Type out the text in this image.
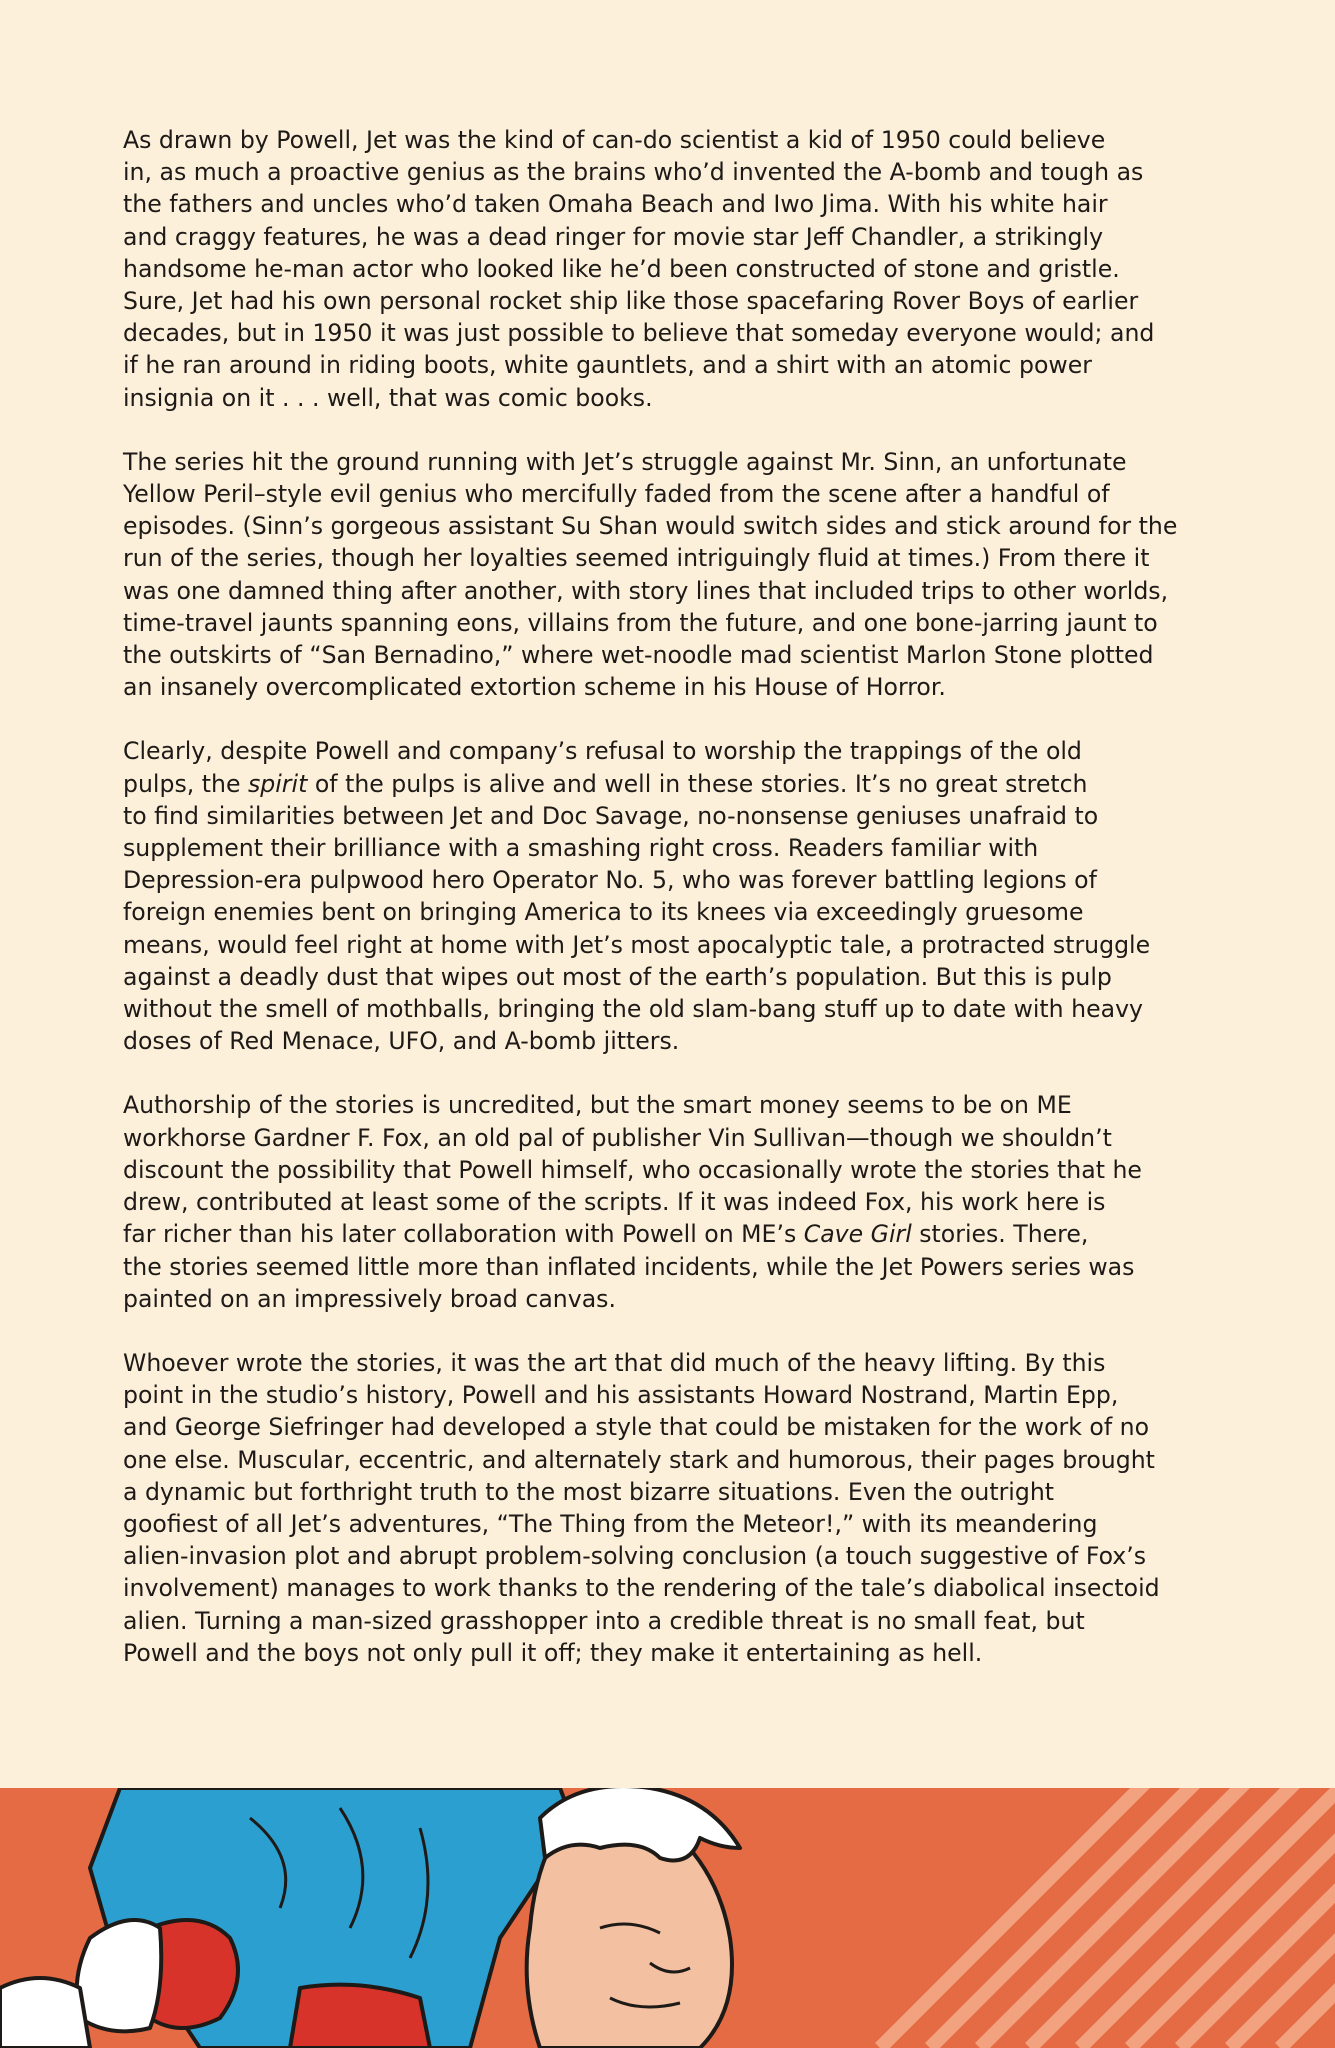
As drawn by Powell, Jet was the kind of can-do scientist a kid of 1950 could believe
in, as much a proactive genius as the brains who’d invented the A-bomb and tough as
the fathers and uncles who’d taken Omaha Beach and Iwo Jima. With his white hair
and craggy features, he was a dead ringer for movie star Jeff Chandler, a strikingly
handsome he-man actor who looked like he’d been constructed of stone and gristle.
Sure, Jet had his own personal rocket ship like those spacefaring Rover Boys of earlier
decades, but in 1950 it was just possible to believe that someday everyone would; and
if he ran around in riding boots, white gauntlets, and a shirt with an atomic power
insignia on it . . . well, that was comic books.

The series hit the ground running with Jet’s struggle against Mr. Sinn, an unfortunate
Yellow Peril–style evil genius who mercifully faded from the scene after a handful of
episodes. (Sinn’s gorgeous assistant Su Shan would switch sides and stick around for the
run of the series, though her loyalties seemed intriguingly fluid at times.) From there it
was one damned thing after another, with story lines that included trips to other worlds,
time-travel jaunts spanning eons, villains from the future, and one bone-jarring jaunt to
the outskirts of “San Bernadino,” where wet-noodle mad scientist Marlon Stone plotted
an insanely overcomplicated extortion scheme in his House of Horror.

Clearly, despite Powell and company’s refusal to worship the trappings of the old
pulps, the spirit of the pulps is alive and well in these stories. It’s no great stretch
to find similarities between Jet and Doc Savage, no-nonsense geniuses unafraid to
supplement their brilliance with a smashing right cross. Readers familiar with
Depression-era pulpwood hero Operator No. 5, who was forever battling legions of
foreign enemies bent on bringing America to its knees via exceedingly gruesome
means, would feel right at home with Jet’s most apocalyptic tale, a protracted struggle
against a deadly dust that wipes out most of the earth’s population. But this is pulp
without the smell of mothballs, bringing the old slam-bang stuff up to date with heavy
doses of Red Menace, UFO, and A-bomb jitters.

Authorship of the stories is uncredited, but the smart money seems to be on ME
workhorse Gardner F. Fox, an old pal of publisher Vin Sullivan—though we shouldn’t
discount the possibility that Powell himself, who occasionally wrote the stories that he
drew, contributed at least some of the scripts. If it was indeed Fox, his work here is
far richer than his later collaboration with Powell on ME’s Cave Girl stories. There,
the stories seemed little more than inflated incidents, while the Jet Powers series was
painted on an impressively broad canvas.

Whoever wrote the stories, it was the art that did much of the heavy lifting. By this
point in the studio’s history, Powell and his assistants Howard Nostrand, Martin Epp,
and George Siefringer had developed a style that could be mistaken for the work of no
one else. Muscular, eccentric, and alternately stark and humorous, their pages brought
a dynamic but forthright truth to the most bizarre situations. Even the outright
goofiest of all Jet’s adventures, “The Thing from the Meteor!,” with its meandering
alien-invasion plot and abrupt problem-solving conclusion (a touch suggestive of Fox’s
involvement) manages to work thanks to the rendering of the tale’s diabolical insectoid
alien. Turning a man-sized grasshopper into a credible threat is no small feat, but
Powell and the boys not only pull it off; they make it entertaining as hell.
